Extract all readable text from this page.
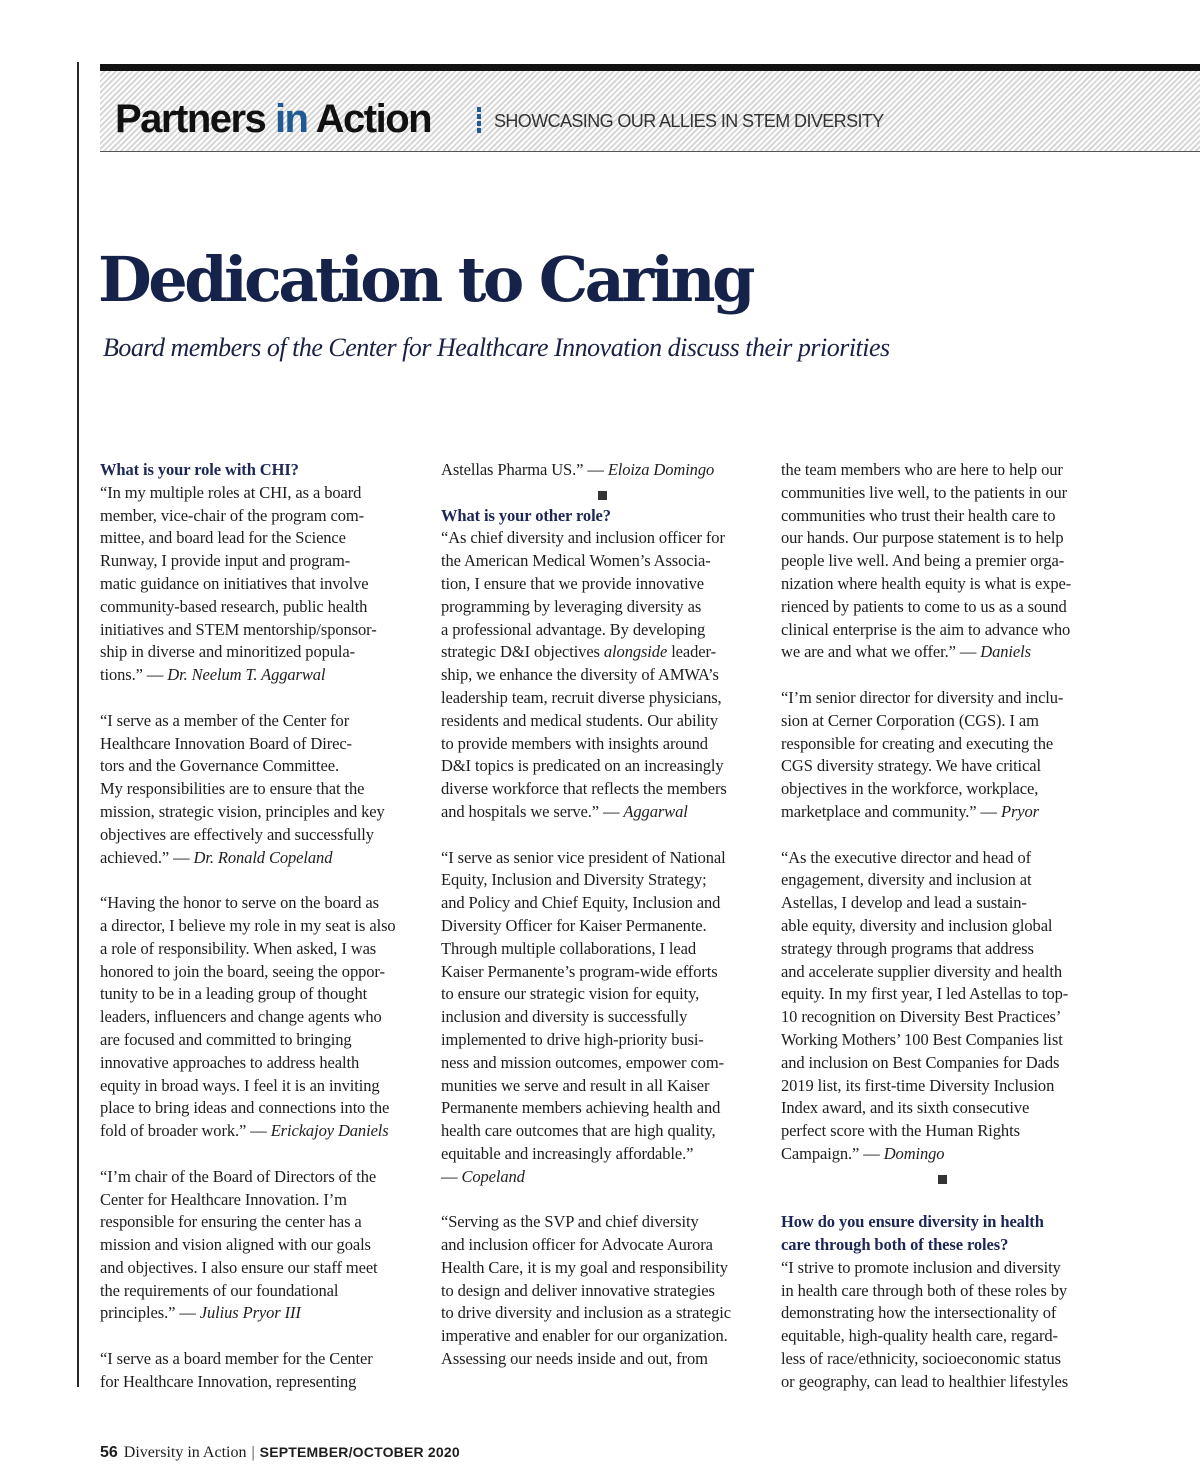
Partners in Action	SHOWCASING OUR ALLIES IN STEM DIVERSITY
Dedication to Caring

Board members of the Center for Healthcare Innovation discuss their priorities

What is your role with CHI?
“In my multiple roles at CHI, as a board
member, vice-chair of the program com-
mittee, and board lead for the Science
Runway, I provide input and program-
matic guidance on initiatives that involve
community-based research, public health
initiatives and STEM mentorship/sponsor-
ship in diverse and minoritized popula-
tions.” — Dr. Neelum T. Aggarwal
“I serve as a member of the Center for
Healthcare Innovation Board of Direc-
tors and the Governance Committee.
My responsibilities are to ensure that the
mission, strategic vision, principles and key
objectives are effectively and successfully
achieved.” — Dr. Ronald Copeland
“Having the honor to serve on the board as
a director, I believe my role in my seat is also
a role of responsibility. When asked, I was
honored to join the board, seeing the oppor-
tunity to be in a leading group of thought
leaders, influencers and change agents who
are focused and committed to bringing
innovative approaches to address health
equity in broad ways. I feel it is an inviting
place to bring ideas and connections into the
fold of broader work.” — Erickajoy Daniels
“I’m chair of the Board of Directors of the
Center for Healthcare Innovation. I’m
responsible for ensuring the center has a
mission and vision aligned with our goals
and objectives. I also ensure our staff meet
the requirements of our foundational
principles.” — Julius Pryor III
“I serve as a board member for the Center
for Healthcare Innovation, representing
Astellas Pharma US.” — Eloiza Domingo
What is your other role?
“As chief diversity and inclusion officer for
the American Medical Women’s Associa-
tion, I ensure that we provide innovative
programming by leveraging diversity as
a professional advantage. By developing
strategic D&I objectives alongside leader-
ship, we enhance the diversity of AMWA’s
leadership team, recruit diverse physicians,
residents and medical students. Our ability
to provide members with insights around
D&I topics is predicated on an increasingly
diverse workforce that reflects the members
and hospitals we serve.” — Aggarwal
“I serve as senior vice president of National
Equity, Inclusion and Diversity Strategy;
and Policy and Chief Equity, Inclusion and
Diversity Officer for Kaiser Permanente.
Through multiple collaborations, I lead
Kaiser Permanente’s program-wide efforts
to ensure our strategic vision for equity,
inclusion and diversity is successfully
implemented to drive high-priority busi-
ness and mission outcomes, empower com-
munities we serve and result in all Kaiser
Permanente members achieving health and
health care outcomes that are high quality,
equitable and increasingly affordable.”
— Copeland
“Serving as the SVP and chief diversity
and inclusion officer for Advocate Aurora
Health Care, it is my goal and responsibility
to design and deliver innovative strategies
to drive diversity and inclusion as a strategic
imperative and enabler for our organization.
Assessing our needs inside and out, from
the team members who are here to help our
communities live well, to the patients in our
communities who trust their health care to
our hands. Our purpose statement is to help
people live well. And being a premier orga-
nization where health equity is what is expe-
rienced by patients to come to us as a sound
clinical enterprise is the aim to advance who
we are and what we offer.” — Daniels
“I’m senior director for diversity and inclu-
sion at Cerner Corporation (CGS). I am
responsible for creating and executing the
CGS diversity strategy. We have critical
objectives in the workforce, workplace,
marketplace and community.” — Pryor
“As the executive director and head of
engagement, diversity and inclusion at
Astellas, I develop and lead a sustain-
able equity, diversity and inclusion global
strategy through programs that address
and accelerate supplier diversity and health
equity. In my first year, I led Astellas to top-
10 recognition on Diversity Best Practices’
Working Mothers’ 100 Best Companies list
and inclusion on Best Companies for Dads
2019 list, its first-time Diversity Inclusion
Index award, and its sixth consecutive
perfect score with the Human Rights
Campaign.” — Domingo
How do you ensure diversity in health
care through both of these roles?
“I strive to promote inclusion and diversity
in health care through both of these roles by
demonstrating how the intersectionality of
equitable, high-quality health care, regard-
less of race/ethnicity, socioeconomic status
or geography, can lead to healthier lifestyles
56 Diversity in Action | SEPTEMBER/OCTOBER 2020
